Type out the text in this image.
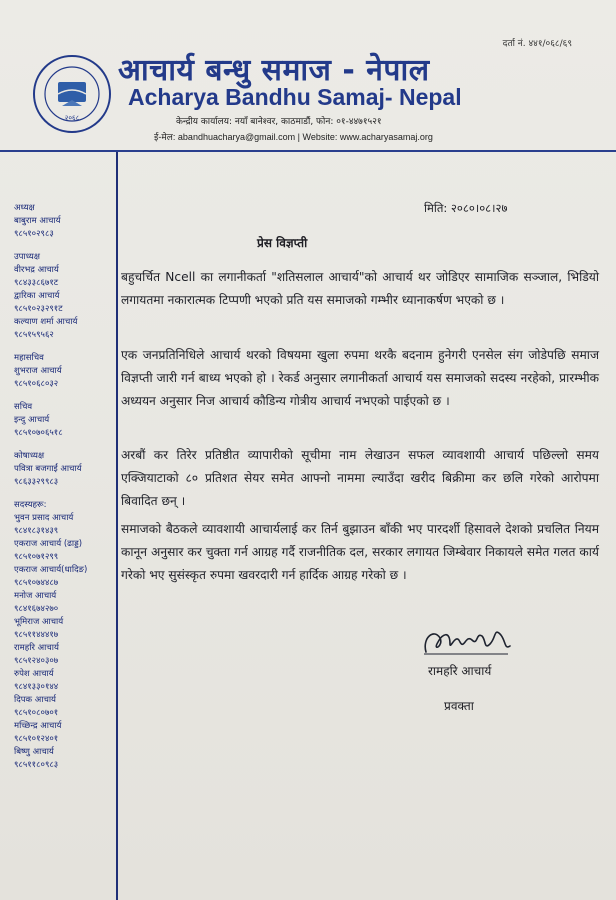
दर्ता नं. ४४१/०६८/६९
२०६८
आचार्य बन्धु समाज - नेपाल
Acharya Bandhu Samaj- Nepal
केन्द्रीय कार्यालय: नयाँ बानेश्वर, काठमाडौं, फोन: ०१-४४७१५२१
ई-मेल: abandhuacharya@gmail.com | Website: www.acharyasamaj.org
अध्यक्ष
बाबुराम आचार्य
९८५१०२९८३
उपाध्यक्ष
वीरभद्र आचार्य
९८४३३८६७१ट
द्वारिका आचार्य
९८५१०२३२९१ट
कल्याण शर्मा आचार्य
९८५१५९५६२
महासचिव
शुभराज आचार्य
९८५१०६८०३२
सचिव
इन्दु आचार्य
९८५१०७०६५१८
कोषाध्यक्ष
पवित्रा बजगाईं आचार्य
९८६३३२९९८३
सदस्यहरू:
भुवन प्रसाद आचार्य
९८४१८३१४३९
एकराज आचार्य (ढाड्ड)
९८५१०७१२९९
एकराज आचार्य(धादिङ)
९८५१०७४४८७
मनोज आचार्य
९८४१६७४२७०
भूमिराज आचार्य
९८५११४४४१७
रामहरि आचार्य
९८५१२४०३०७
रुपेश आचार्य
९८४१३३०१४४
दिपक आचार्य
९८५१०८०७०१
मच्छिन्द्र आचार्य
९८५१०१२४०१
बिष्णु आचार्य
९८५११८०९८३
मिति: २०८०।०८।२७
प्रेस विज्ञप्ती
बहुचर्चित Ncell का लगानीकर्ता "शतिसलाल आचार्य"को आचार्य थर जोडिएर सामाजिक सञ्जाल, भिडियो लगायतमा नकारात्मक टिप्पणी भएको प्रति यस समाजको गम्भीर ध्यानाकर्षण भएको छ ।
एक जनप्रतिनिधिले आचार्य थरको विषयमा खुला रुपमा थरकै बदनाम हुनेगरी एनसेल संग जोडेपछि समाज विज्ञप्ती जारी गर्न बाध्य भएको हो । रेकर्ड अनुसार लगानीकर्ता आचार्य यस समाजको सदस्य नरहेको, प्रारम्भीक अध्ययन अनुसार निज आचार्य कौडिन्य गोत्रीय आचार्य नभएको पाईएको छ ।
अरबौं कर तिरेर प्रतिष्ठीत व्यापारीको सूचीमा नाम लेखाउन सफल व्यावशायी आचार्य पछिल्लो समय एक्जियाटाको ८० प्रतिशत सेयर समेत आफ्नो नाममा ल्याउँदा खरीद बिक्रीमा कर छलि गरेको आरोपमा बिवादित छन् ।
समाजको बैठकले व्यावशायी आचार्यलाई कर तिर्न बुझाउन बाँकी भए पारदर्शी हिसावले देशको प्रचलित नियम कानून अनुसार कर चुक्ता गर्न आग्रह गर्दै राजनीतिक दल, सरकार लगायत जिम्बेवार निकायले समेत गलत कार्य गरेको भए सुसंस्कृत रुपमा खवरदारी गर्न हार्दिक आग्रह गरेको छ ।
रामहरि आचार्य
प्रवक्ता
